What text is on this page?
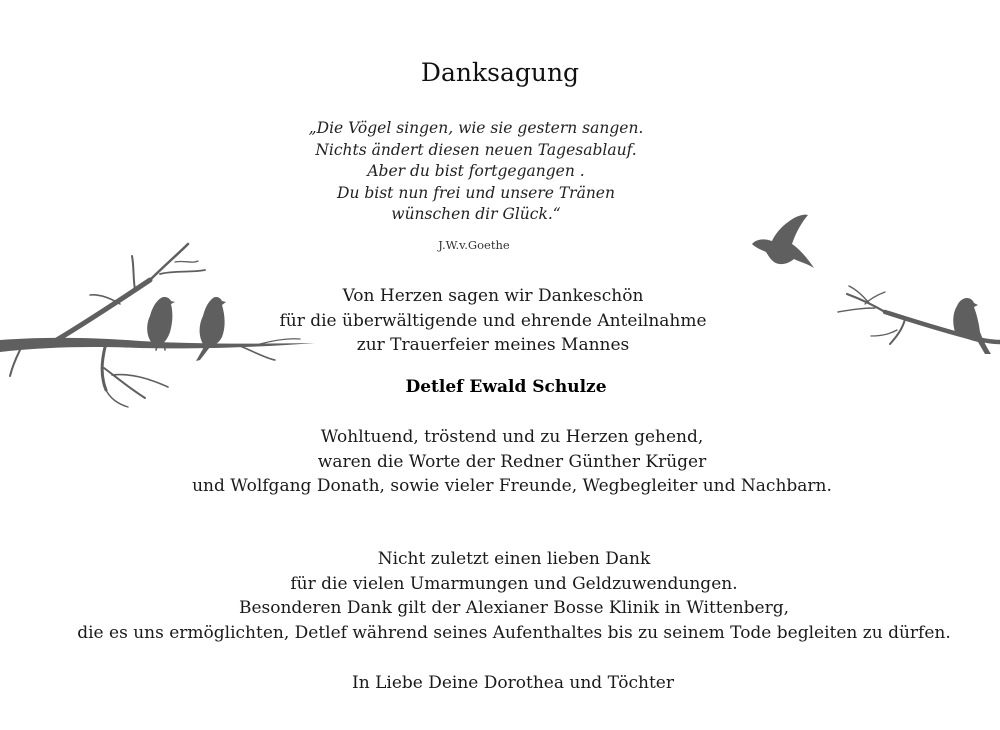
Danksagung
„Die Vögel singen, wie sie gestern sangen.
Nichts ändert diesen neuen Tagesablauf.
Aber du bist fortgegangen .
Du bist nun frei und unsere Tränen
wünschen dir Glück.“
J.W.v.Goethe
Von Herzen sagen wir Dankeschön
für die überwältigende und ehrende Anteilnahme
zur Trauerfeier meines Mannes
Detlef Ewald Schulze
Wohltuend, tröstend und zu Herzen gehend,
waren die Worte der Redner Günther Krüger
und Wolfgang Donath, sowie vieler Freunde, Wegbegleiter und Nachbarn.
Nicht zuletzt einen lieben Dank
für die vielen Umarmungen und Geldzuwendungen.
Besonderen Dank gilt der Alexianer Bosse Klinik in Wittenberg,
die es uns ermöglichten, Detlef während seines Aufenthaltes bis zu seinem Tode begleiten zu dürfen.
In Liebe Deine Dorothea und Töchter
